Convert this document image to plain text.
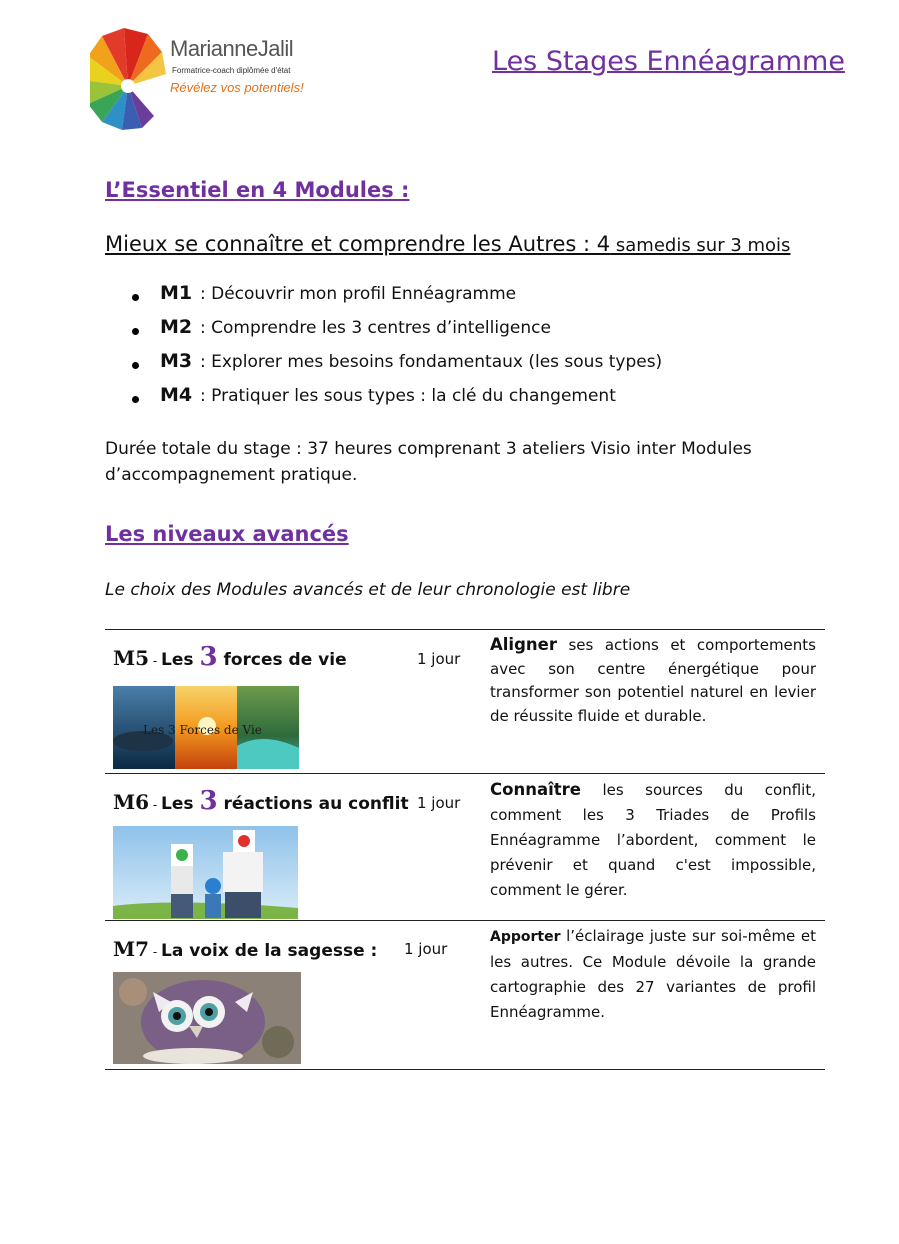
MarianneJalil
Formatrice-coach diplômée d'état
Révélez vos potentiels!
Les Stages Ennéagramme
L’Essentiel en 4 Modules :
Mieux se connaître et comprendre les Autres : 4 samedis sur 3 mois
M1 : Découvrir mon profil Ennéagramme
M2 : Comprendre les 3 centres d’intelligence
M3 : Explorer mes besoins fondamentaux (les sous types)
M4 : Pratiquer les sous types : la clé du changement
Durée totale du stage : 37 heures comprenant 3 ateliers Visio inter Modules d’accompagnement pratique.
Les niveaux avancés
Le choix des Modules avancés et de leur chronologie est libre
M5 - Les 3 forces de vie	1 jour
Aligner ses actions et comportements avec son centre énergétique pour transformer son potentiel naturel en levier de réussite fluide et durable.
Les 3 Forces de Vie
M6 - Les 3 réactions au conflit 1 jour
Connaître les sources du conflit, comment les 3 Triades de Profils Ennéagramme l’abordent, comment le prévenir et quand c'est impossible, comment le gérer.
M7 - La voix de la sagesse : 1 jour
Apporter l’éclairage juste sur soi-même et les autres. Ce Module dévoile la grande cartographie des 27 variantes de profil Ennéagramme.
